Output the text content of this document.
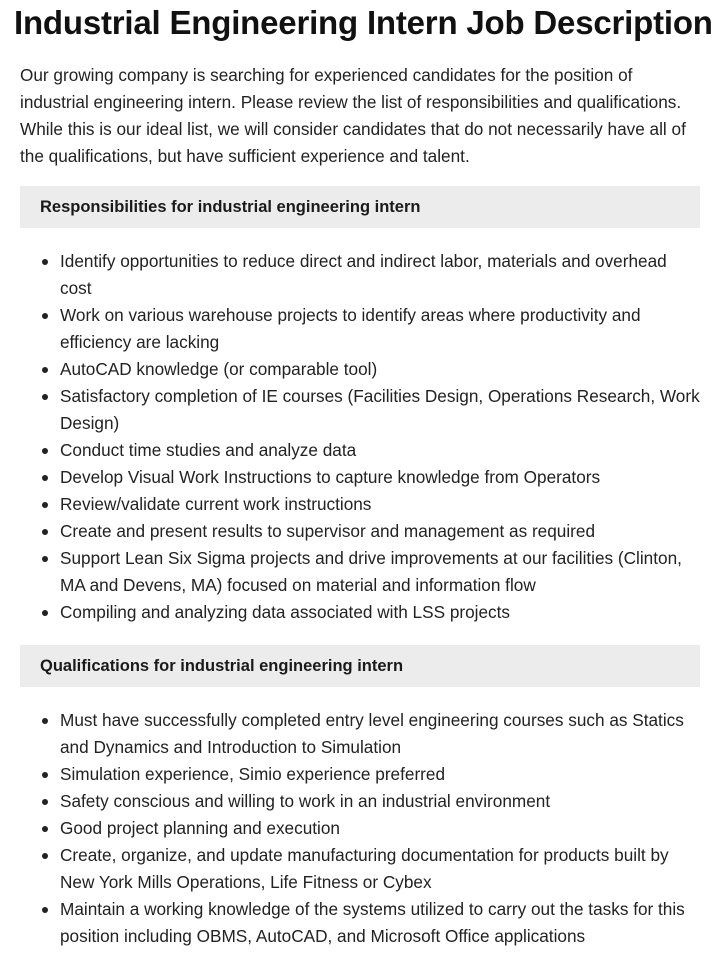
Industrial Engineering Intern Job Description

Our growing company is searching for experienced candidates for the position of industrial engineering intern. Please review the list of responsibilities and qualifications. While this is our ideal list, we will consider candidates that do not necessarily have all of the qualifications, but have sufficient experience and talent.

Responsibilities for industrial engineering intern
Identify opportunities to reduce direct and indirect labor, materials and overhead cost
Work on various warehouse projects to identify areas where productivity and efficiency are lacking
AutoCAD knowledge (or comparable tool)
Satisfactory completion of IE courses (Facilities Design, Operations Research, Work Design)
Conduct time studies and analyze data
Develop Visual Work Instructions to capture knowledge from Operators
Review/validate current work instructions
Create and present results to supervisor and management as required
Support Lean Six Sigma projects and drive improvements at our facilities (Clinton, MA and Devens, MA) focused on material and information flow
Compiling and analyzing data associated with LSS projects
Qualifications for industrial engineering intern
Must have successfully completed entry level engineering courses such as Statics and Dynamics and Introduction to Simulation
Simulation experience, Simio experience preferred
Safety conscious and willing to work in an industrial environment
Good project planning and execution
Create, organize, and update manufacturing documentation for products built by New York Mills Operations, Life Fitness or Cybex
Maintain a working knowledge of the systems utilized to carry out the tasks for this position including OBMS, AutoCAD, and Microsoft Office applications
